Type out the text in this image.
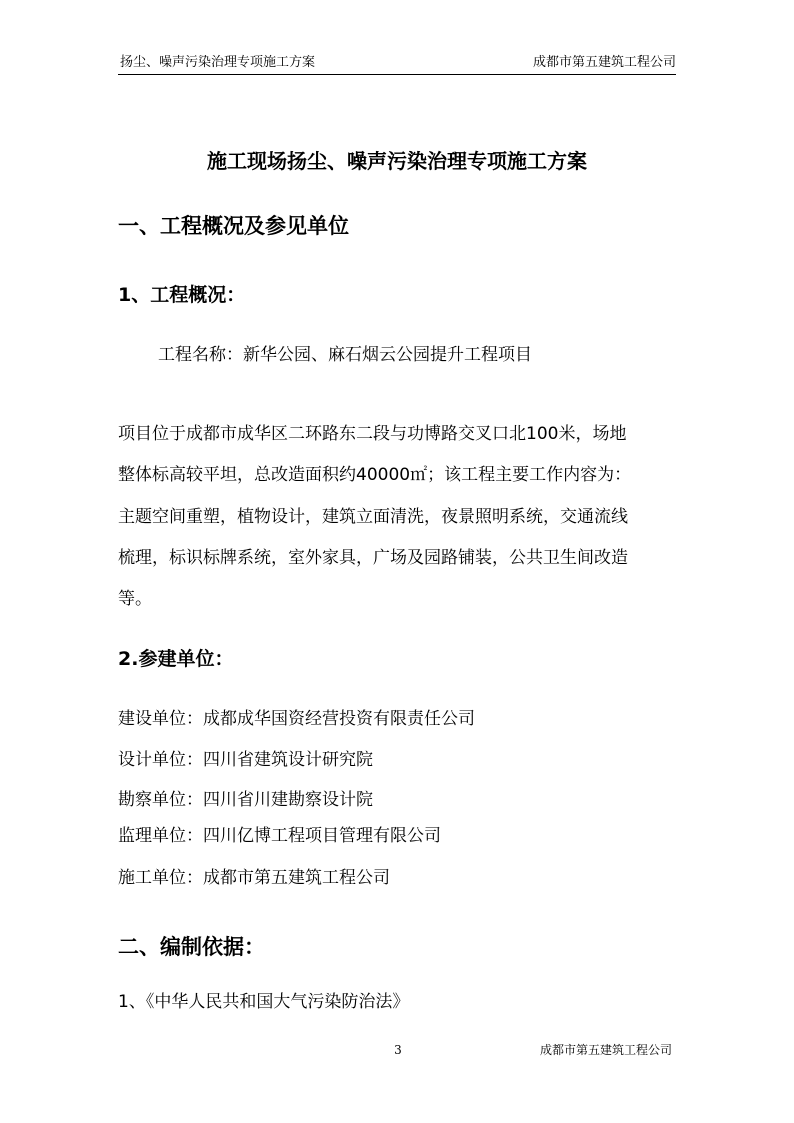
扬尘、噪声污染治理专项施工方案	成都市第五建筑工程公司
施工现场扬尘、噪声污染治理专项施工方案
一、工程概况及参见单位
1、工程概况：
工程名称：新华公园、麻石烟云公园提升工程项目
项目位于成都市成华区二环路东二段与功博路交叉口北100米，场地
整体标高较平坦，总改造面积约40000㎡；该工程主要工作内容为：
主题空间重塑，植物设计，建筑立面清洗，夜景照明系统，交通流线
梳理，标识标牌系统，室外家具，广场及园路铺装，公共卫生间改造
等。
2.参建单位：
建设单位：成都成华国资经营投资有限责任公司
设计单位：四川省建筑设计研究院
勘察单位：四川省川建勘察设计院
监理单位：四川亿博工程项目管理有限公司
施工单位：成都市第五建筑工程公司
二、编制依据：
1、《中华人民共和国大气污染防治法》
3	成都市第五建筑工程公司
